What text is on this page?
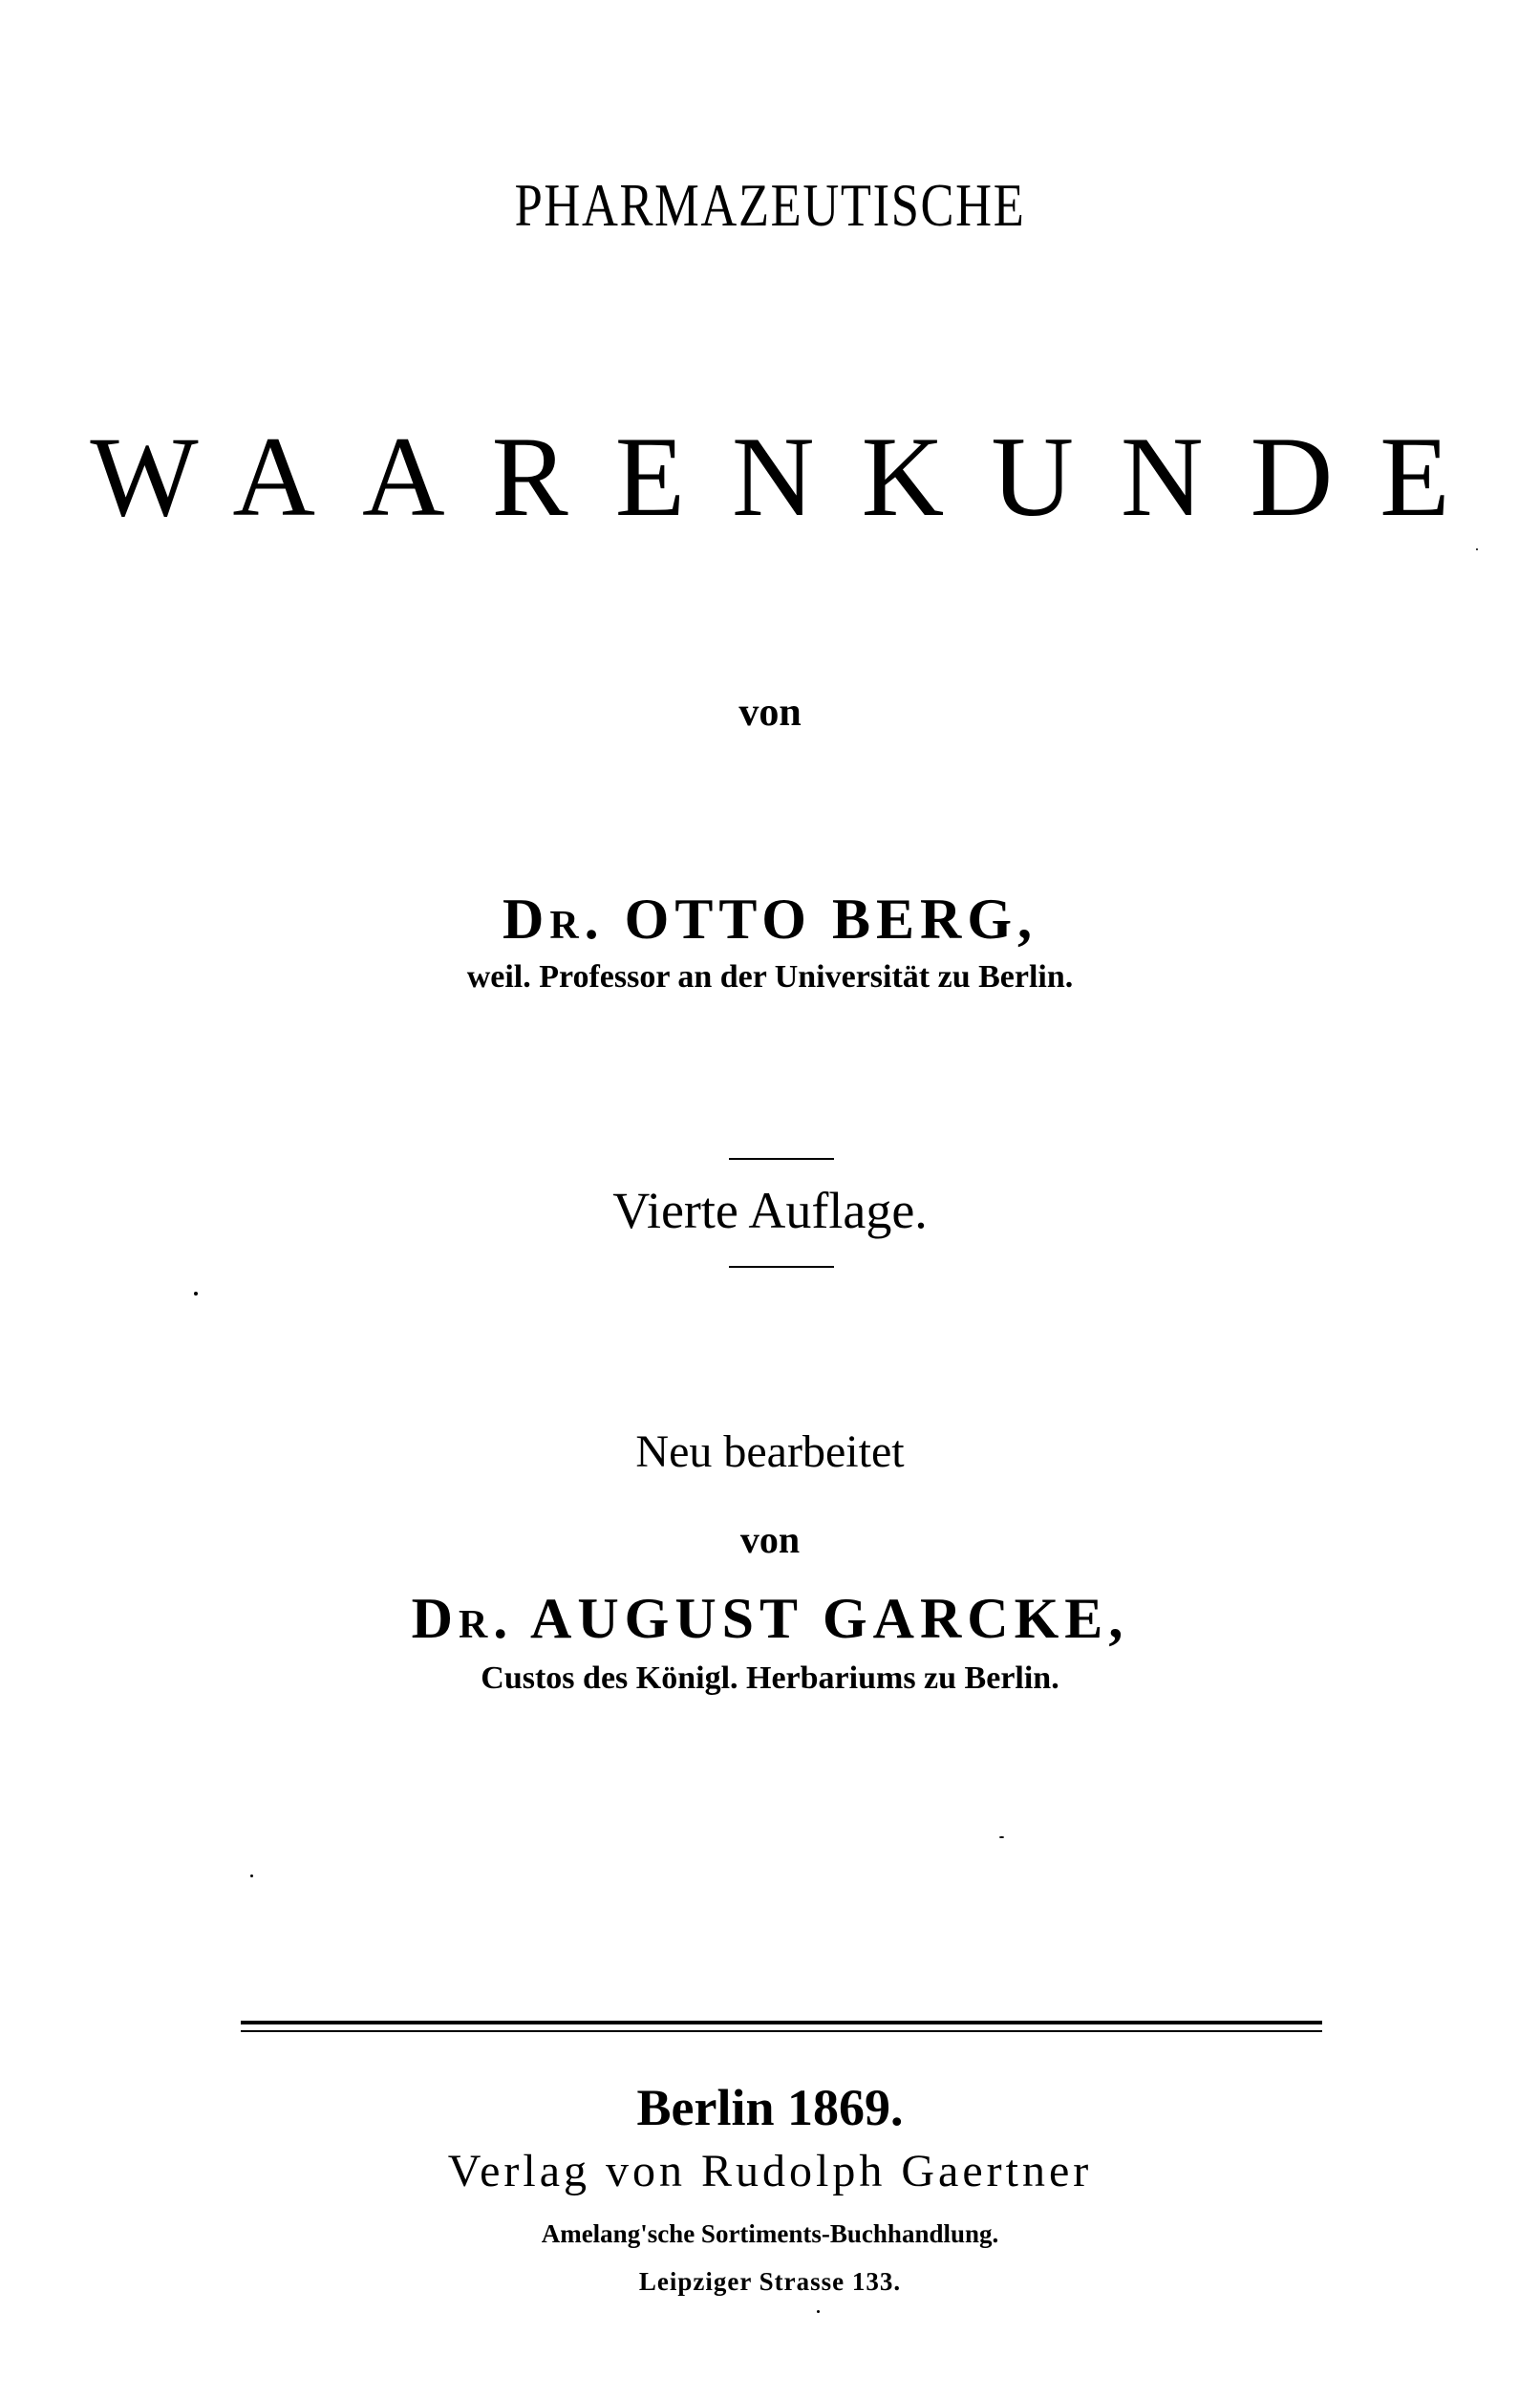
PHARMAZEUTISCHE
WAARENKUNDE
von
Dr. OTTO BERG,
weil. Professor an der Universität zu Berlin.
Vierte Auflage.
Neu bearbeitet
von
Dr. AUGUST GARCKE,
Custos des Königl. Herbariums zu Berlin.
Berlin 1869.
Verlag von Rudolph Gaertner
Amelang'sche Sortiments-Buchhandlung.
Leipziger Strasse 133.
